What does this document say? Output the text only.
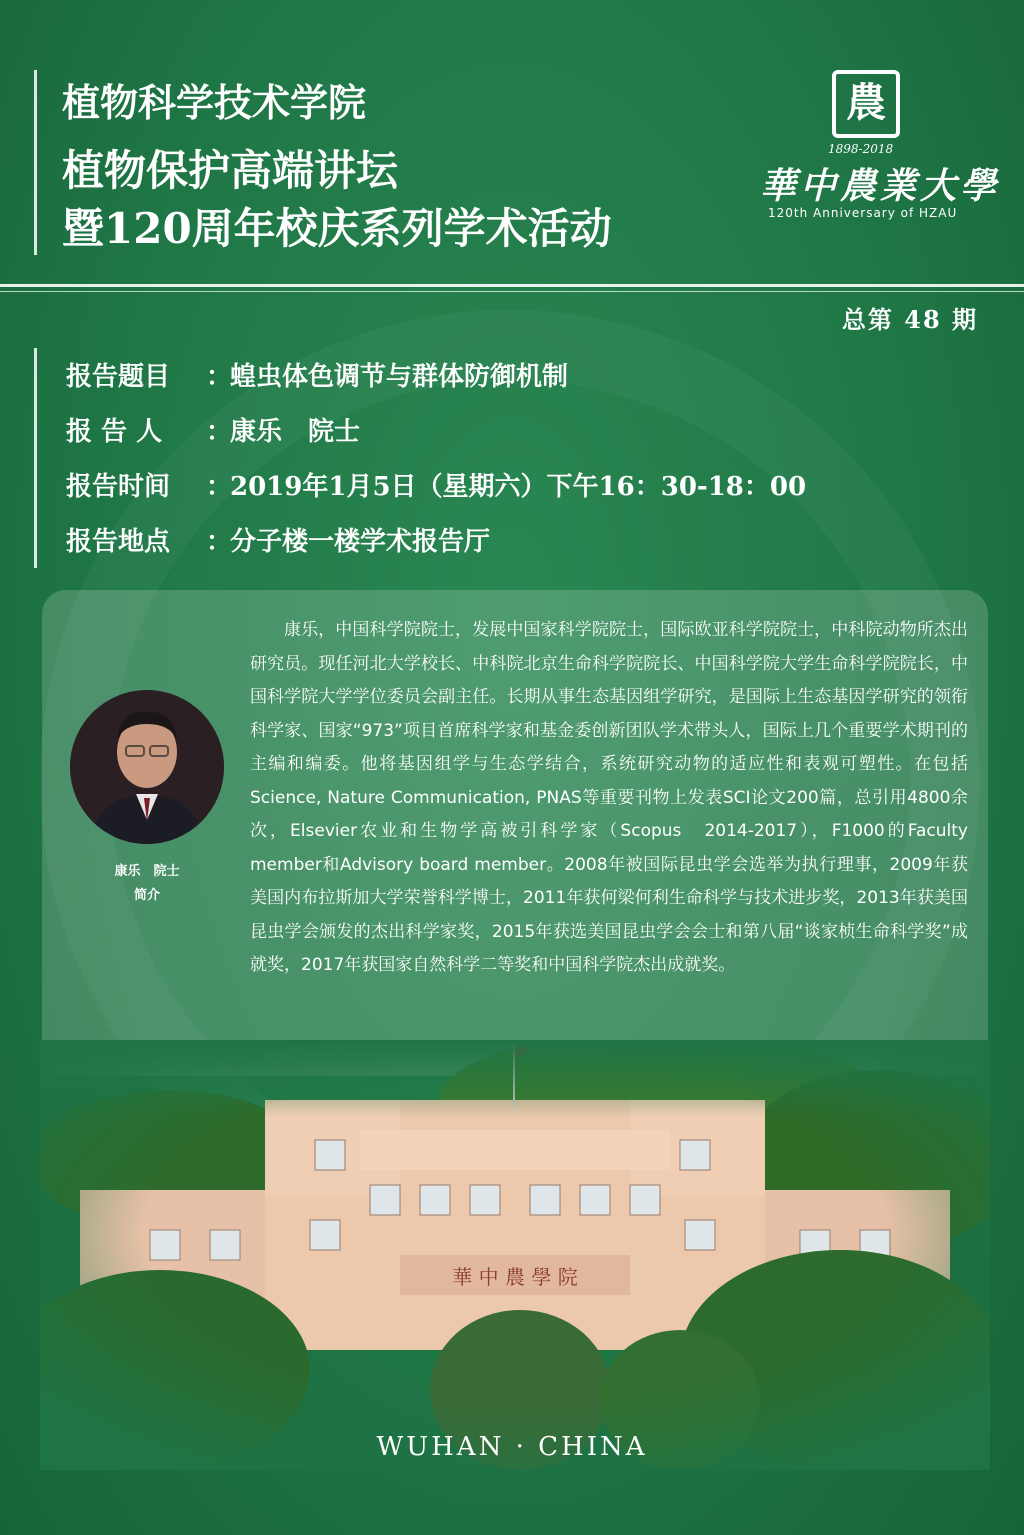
植物科学技术学院
植物保护高端讲坛
暨120周年校庆系列学术活动
農
1898-2018
華中農業大學
120th Anniversary of HZAU
总第 48 期
报告题目	：
蝗虫体色调节与群体防御机制
报 告 人	：
康乐　院士
报告时间	：
2019年1月5日（星期六）下午16：30-18：00
报告地点	：
分子楼一楼学术报告厅
康乐　院士
简介
康乐，中国科学院院士，发展中国家科学院院士，国际欧亚科学院院士，中科院动物所杰出研究员。现任河北大学校长、中科院北京生命科学院院长、中国科学院大学生命科学院院长，中国科学院大学学位委员会副主任。长期从事生态基因组学研究，是国际上生态基因学研究的领衔科学家、国家“973”项目首席科学家和基金委创新团队学术带头人，国际上几个重要学术期刊的主编和编委。他将基因组学与生态学结合，系统研究动物的适应性和表观可塑性。在包括Science, Nature Communication, PNAS等重要刊物上发表SCI论文200篇，总引用4800余次，Elsevier农业和生物学高被引科学家（Scopus　2014-2017），F1000的Faculty member和Advisory board member。2008年被国际昆虫学会选举为执行理事，2009年获美国内布拉斯加大学荣誉科学博士，2011年获何梁何利生命科学与技术进步奖，2013年获美国昆虫学会颁发的杰出科学家奖，2015年获选美国昆虫学会会士和第八届“谈家桢生命科学奖”成就奖，2017年获国家自然科学二等奖和中国科学院杰出成就奖。
WUHAN · CHINA
